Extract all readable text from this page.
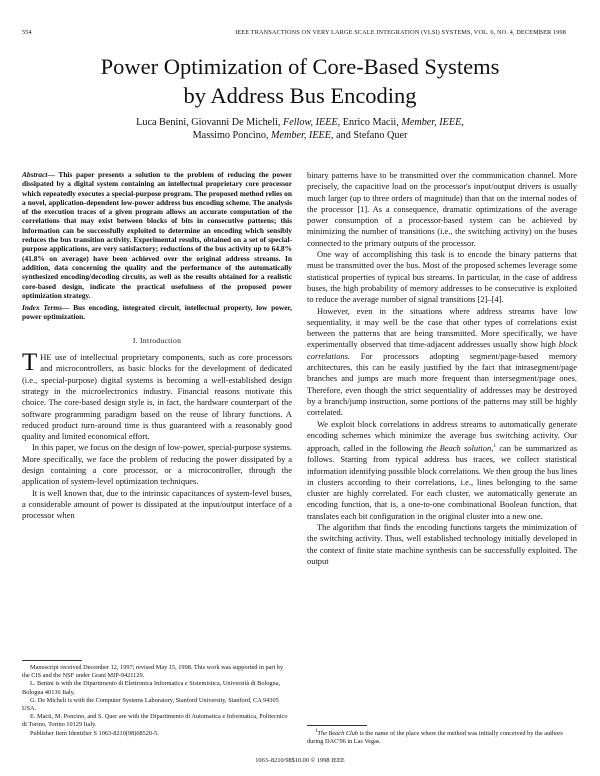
554	IEEE TRANSACTIONS ON VERY LARGE SCALE INTEGRATION (VLSI) SYSTEMS, VOL. 6, NO. 4, DECEMBER 1998
Power Optimization of Core-Based Systems
by Address Bus Encoding
Luca Benini, Giovanni De Micheli, Fellow, IEEE, Enrico Macii, Member, IEEE,
Massimo Poncino, Member, IEEE, and Stefano Quer

Abstract— This paper presents a solution to the problem of reducing the power dissipated by a digital system containing an intellectual proprietary core processor which repeatedly executes a special-purpose program. The proposed method relies on a novel, application-dependent low-power address bus encoding scheme. The analysis of the execution traces of a given program allows an accurate computation of the correlations that may exist between blocks of bits in consecutive patterns; this information can be successfully exploited to determine an encoding which sensibly reduces the bus transition activity. Experimental results, obtained on a set of special-purpose applications, are very satisfactory; reductions of the bus activity up to 64.8% (41.8% on average) have been achieved over the original address streams. In addition, data concerning the quality and the performance of the automatically synthesized encoding/decoding circuits, as well as the results obtained for a realistic core-based design, indicate the practical usefulness of the proposed power optimization strategy.

Index Terms— Bus encoding, integrated circuit, intellectual property, low power, power optimization.

I. Introduction

THE use of intellectual proprietary components, such as core processors and microcontrollers, as basic blocks for the development of dedicated (i.e., special-purpose) digital systems is becoming a well-established design strategy in the microelectronics industry. Financial reasons motivate this choice. The core-based design style is, in fact, the hardware counterpart of the software programming paradigm based on the reuse of library functions. A reduced product turn-around time is thus guaranteed with a reasonably good quality and limited economical effort.

In this paper, we focus on the design of low-power, special-purpose systems. More specifically, we face the problem of reducing the power dissipated by a design containing a core processor, or a microcontroller, through the application of system-level optimization techniques.

It is well known that, due to the intrinsic capacitances of system-level buses, a considerable amount of power is dissipated at the input/output interface of a processor when

binary patterns have to be transmitted over the communication channel. More precisely, the capacitive load on the processor's input/output drivers is usually much larger (up to three orders of magnitude) than that on the internal nodes of the processor [1]. As a consequence, dramatic optimizations of the average power consumption of a processor-based system can be achieved by minimizing the number of transitions (i.e., the switching activity) on the buses connected to the primary outputs of the processor.

One way of accomplishing this task is to encode the binary patterns that must be transmitted over the bus. Most of the proposed schemes leverage some statistical properties of typical bus streams. In particular, in the case of address buses, the high probability of memory addresses to be consecutive is exploited to reduce the average number of signal transitions [2]–[4].

However, even in the situations where address streams have low sequentiality, it may well be the case that other types of correlations exist between the patterns that are being transmitted. More specifically, we have experimentally observed that time-adjacent addresses usually show high block correlations. For processors adopting segment/page-based memory architectures, this can be easily justified by the fact that intrasegment/page branches and jumps are much more frequent than intersegment/page ones. Therefore, even though the strict sequentiality of addresses may be destroyed by a branch/jump instruction, some portions of the patterns may still be highly correlated.

We exploit block correlations in address streams to automatically generate encoding schemes which minimize the average bus switching activity. Our approach, called in the following the Beach solution,$^1$ can be summarized as follows. Starting from typical address bus traces, we collect statistical information identifying possible block correlations. We then group the bus lines in clusters according to their correlations, i.e., lines belonging to the same cluster are highly correlated. For each cluster, we automatically generate an encoding function, that is, a one-to-one combinational Boolean function, that translates each bit configuration in the original cluster into a new one.

The algorithm that finds the encoding functions targets the minimization of the switching activity. Thus, well established technology initially developed in the context of finite state machine synthesis can be successfully exploited. The output

Manuscript received December 12, 1997; revised May 15, 1998. This work was supported in part by the CIS and the NSF under Grant MIP-9421129.

L. Benini is with the Dipartimento di Elettronica Informatica e Sistemistica, Università di Bologna, Bologna 40136 Italy.

G. De Micheli is with the Computer Systems Laboratory, Stanford University, Stanford, CA 94305 USA.

E. Macii, M. Poncino, and S. Quer are with the Dipartimento di Automatica e Informatica, Politecnico di Torino, Torino 10129 Italy.

Publisher Item Identifier S 1063-8210(98)08520-5.	$^1$The Beach Club is the name of the place where the method was initially conceived by the authors during DAC'96 in Las Vegas.

1063–8210/98$10.00 © 1998 IEEE
